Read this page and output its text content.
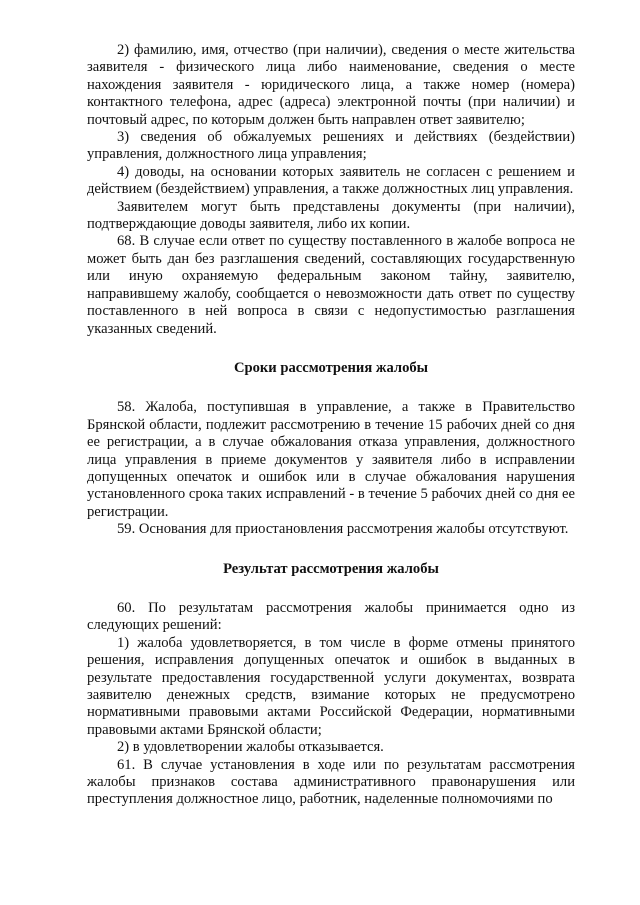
2) фамилию, имя, отчество (при наличии), сведения о месте жительства заявителя - физического лица либо наименование, сведения о месте нахождения заявителя - юридического лица, а также номер (номера) контактного телефона, адрес (адреса) электронной почты (при наличии) и почтовый адрес, по которым должен быть направлен ответ заявителю;

3) сведения об обжалуемых решениях и действиях (бездействии) управления, должностного лица управления;

4) доводы, на основании которых заявитель не согласен с решением и действием (бездействием) управления, а также должностных лиц управления.

Заявителем могут быть представлены документы (при наличии), подтверждающие доводы заявителя, либо их копии.

68. В случае если ответ по существу поставленного в жалобе вопроса не может быть дан без разглашения сведений, составляющих государственную или иную охраняемую федеральным законом тайну, заявителю, направившему жалобу, сообщается о невозможности дать ответ по существу поставленного в ней вопроса в связи с недопустимостью разглашения указанных сведений.

Сроки рассмотрения жалобы

58. Жалоба, поступившая в управление, а также в Правительство Брянской области, подлежит рассмотрению в течение 15 рабочих дней со дня ее регистрации, а в случае обжалования отказа управления, должностного лица управления в приеме документов у заявителя либо в исправлении допущенных опечаток и ошибок или в случае обжалования нарушения установленного срока таких исправлений - в течение 5 рабочих дней со дня ее регистрации.

59. Основания для приостановления рассмотрения жалобы отсутствуют.

Результат рассмотрения жалобы

60. По результатам рассмотрения жалобы принимается одно из следующих решений:

1) жалоба удовлетворяется, в том числе в форме отмены принятого решения, исправления допущенных опечаток и ошибок в выданных в результате предоставления государственной услуги документах, возврата заявителю денежных средств, взимание которых не предусмотрено нормативными правовыми актами Российской Федерации, нормативными правовыми актами Брянской области;

2) в удовлетворении жалобы отказывается.

61. В случае установления в ходе или по результатам рассмотрения жалобы признаков состава административного правонарушения или преступления должностное лицо, работник, наделенные полномочиями по
